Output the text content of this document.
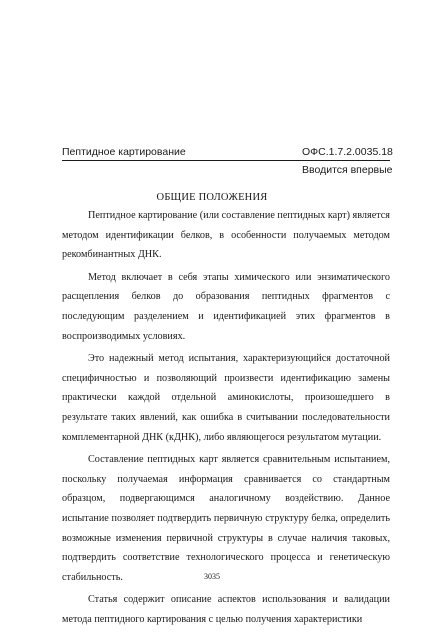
Пептидное картирование	ОФС.1.7.2.0035.18
Вводится впервые
ОБЩИЕ ПОЛОЖЕНИЯ

Пептидное картирование (или составление пептидных карт) является методом идентификации белков, в особенности получаемых методом рекомбинантных ДНК.

Метод включает в себя этапы химического или энзиматического расщепления белков до образования пептидных фрагментов с последующим разделением и идентификацией этих фрагментов в воспроизводимых условиях.

Это надежный метод испытания, характеризующийся достаточной специфичностью и позволяющий произвести идентификацию замены практически каждой отдельной аминокислоты, произошедшего в результате таких явлений, как ошибка в считывании последовательности комплементарной ДНК (кДНК), либо являющегося результатом мутации.

Составление пептидных карт является сравнительным испытанием, поскольку получаемая информация сравнивается со стандартным образцом, подвергающимся аналогичному воздействию. Данное испытание позволяет подтвердить первичную структуру белка, определить возможные изменения первичной структуры в случае наличия таковых, подтвердить соответствие технологического процесса и генетическую стабильность.

Статья содержит описание аспектов использования и валидации метода пептидного картирования с целью получения характеристики

3035
